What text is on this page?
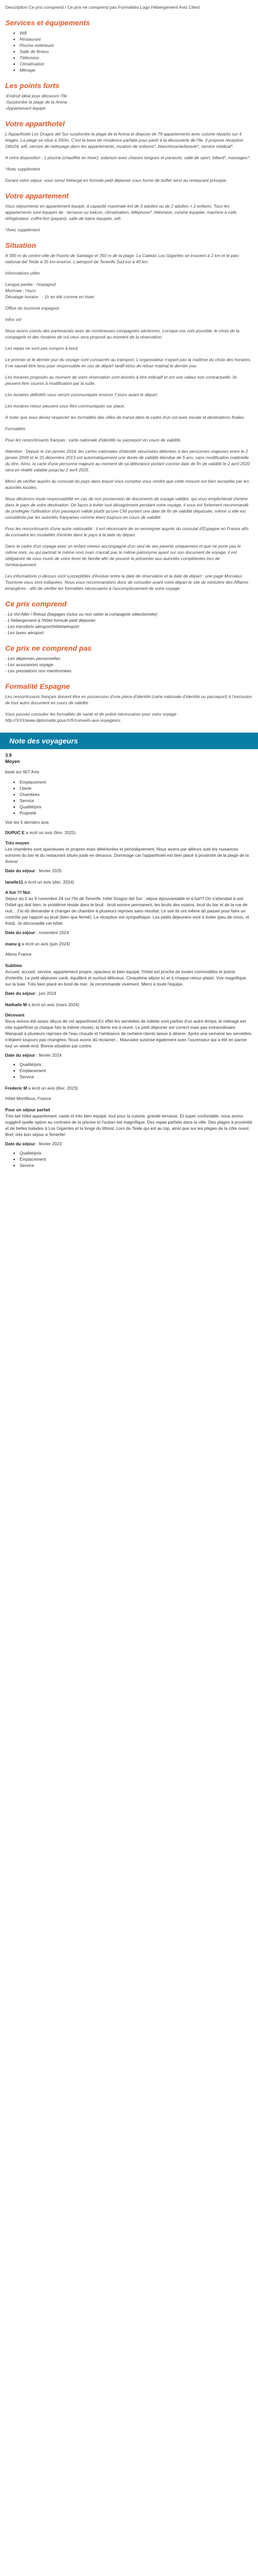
Description Ce prix comprend / Ce prix ne comprend pas Formalités Logo Hébergement Avis Client

Services et équipements
• Wifi
• Restaurant
• Piscine extérieure
• Salle de fitness
• Télévision
• Climatisation
• Ménage
Les points forts
-Endroit idéal pour découvrir l'île
-Surplombe la plage de la Arena
-Appartement équipé
Votre apparthotel

L'Apparthotel Los Dragos del Sur surplombe la plage de la Arena et dispose de 79 appartements avec cuisine répartis sur 4 étages. La plage se situe à 350m. C'est la base de résidence parfaite pour partir à la découverte de l'île. Il propose réception 24h/24, wifi, service de nettoyage dans les appartements, location de voitures*, blanchisserie/laverie*, service médical*.

A votre disposition : 1 piscine (chauffée en hiver), solarium avec chaises longues et parasols, salle de sport, billard*, massages*.

*Avec supplément

Durant votre séjour, vous serez hébergé en formule petit déjeuner sous forme de buffet servi au restaurant principal.

Votre appartement

Vous séjournerez en appartement équipé, à capacité maximale est de 3 adultes ou de 2 adultes + 2 enfants. Tous les appartements sont équipés de : terrasse ou balcon, climatisation, téléphone*, télévision, cuisine équipée, machine à café, réfrigérateur, coffre-fort (payant), salle de bains équipée, wifi.

*Avec supplément

Situation

A 300 m du centre-ville de Puerto de Santiago et 350 m de la plage. La Caletas Los Gigantes se trouvent à 2 km et le parc national del Teide à 35 km environ. L'aéroport de Tenerife Sud est à 40 km.

Informations utiles

Langue parlée : l'espagnol
Monnaie : l'euro
Décalage horaire : - 1h en été comme en hiver

Office du tourisme espagnol

Infos vol

Nous avons conclu des partenariats avec de nombreuses compagnies aériennes. Lorsque vos vols possible, le choix de la compagnie et des horaires de vol ceux sera proposé au moment de la réservation.

Les repas ne sont pas compris à bord

Le premier et le dernier jour du voyage sont consacrés au transport. L'organisateur n'ayant pas la maîtrise du choix des horaires, il ne saurait être tenu pour responsable en cas de départ tardif et/ou de retour matinal le dernier jour.

Les horaires proposés au moment de votre réservation sont donnés à titre indicatif et ont une valeur non contractuelle. Ils peuvent être soumis à modification par la suite.

Les horaires définitifs vous seront communiqués environ 7 jours avant le départ.

Les horaires retour peuvent vous être communiqués sur place.

A noter que vous devez respecter les formalités des villes de transit dans le cadre d'un vol avec escale et destinations finales

Formalités

Pour les ressortissants français : carte nationale d'identité ou passeport en cours de validité.

Attention : Depuis le 1er janvier 2014, les cartes nationales d'identité sécurisées délivrées à des personnes majeures entre le 2 janvier 2004 et le 31 décembre 2013 ont automatiquement une durée de validité étendue de 5 ans, sans modification matérielle du titre. Ainsi, la carte d'une personne majeure au moment de sa délivrance portant comme date de fin de validité le 2 avril 2020 sera en réalité valable jusqu'au 2 avril 2025.

Merci de vérifier auprès du consulat du pays dans lequel vous comptez vous rendre que cette mesure est bien acceptée par les autorités locales.

Nous déclinons toute responsabilité en cas de non possession de documents de voyage valides, qui vous empêcherait d'entrer dans le pays de votre destination. De façon à éviter tout désagrément pendant votre voyage, il vous est fortement recommandé de privilégier l'utilisation d'un passeport valide plutôt qu'une CNI portant une date de fin de validité dépassée, même si elle est considérée par les autorités françaises comme étant toujours en cours de validité.

Pour les ressortissants d'une autre nationalité : il est nécessaire de se renseigner auprès du consulat d'Espagne en France afin de connaitre les modalités d'entrée dans le pays à la date du départ.

Dans le cadre d'un voyage avec un enfant mineur accompagné d'un seul de ses parents uniquement et que ne porte pas le même nom, ou qui partirait le même nom mais n'aurait pas le même patronyme ayant sur son document de voyage, il est obligatoire de vous munir de votre livret de famille afin de pouvoir le présenter aux autorités compétentes lors de l'embarquement.

Les informations ci-dessus sont susceptibles d'évoluer entre la date de réservation et la date de départ : une page Monsieur Tourisme vous sont indiquées. Nous vous recommandons donc de consulter avant votre départ le site du ministère des Affaires étrangères - afin de vérifier les formalités nécessaires à l'accomplissement de votre voyage

Ce prix comprend
- Le Vol Aller / Retour (bagages inclus ou non selon la compagnie sélectionnée)
- L'hébergement à l'hôtel formule petit déjeuner
- Les transferts aéroport/hôtel/aéroport
- Les taxes aéroport
Ce prix ne comprend pas
- Les dépenses personnelles
- Les assurances voyage
- Les prestations non mentionnées
Formalité Espagne

Les ressortissants français doivent être en possession d'une pièce d'identité (carte nationale d'identité ou passeport) à l'exclusion de tout autre document en cours de validité.

Vous pouvez consulter les formalités de santé et de police nécessaires pour votre voyage : http://XXX/www.diplomatie.gouv.fr/fr/conseils-aux-voyageurs

Note des voyageurs
3.9
Moyen
basé sur 607 Avis
• Emplacement
• Literie
• Chambres
• Service
• Qualité/prix
• Propreté
Voir les 5 derniers avis
DUPUC E a écrit un avis (févr. 2025)
Très moyen
Les chambres sont spacieuses et propres mais détériorées et périodiquement. Nous avons par ailleurs subi les nuisances sonores du bar et du restaurant situés juste en dessous. Dommage car l'apparthotel est bien placé à proximité de la plage de la Arena!
Date du séjour : février 2025
lanelle11 a écrit un avis (déc. 2024)
A fuir !!! Nul
Séjour du 2 au 9 novembre 24 sur l'île de Tenerife, hôtel Dragos del Sur : séjour épouvantable et à fuir!!! On s'attendait à voir l'hôtel qui doit bien, le problème réside dans le bruit - bruit sonore permanent, les bruits des voisins, bruit du bar et de la rue de nuit... J'ai dû demander à changer de chambre à plusieurs reprises sans résultat. Le soir ils ont même dû passer pour faire un contrôle par rapport au bruit (bien que fermé). La réception est sympathique. Les petits déjeuners sont à éviter (peu de choix, et froid). Je déconseille cet hôtel.
Date du séjour : novembre 2024
manu g a écrit un avis (juin 2024)
Allons France
Sublime
Accueil, accueil, service, appartement propre, spacieux et bien équipé, l'hôtel est proche de toutes commodités et points d'intérêts. Le petit-déjeuner varié, équilibré et surtout délicieux. Cinquième séjour ici et à chaque retour plaisir. Vue magnifique sur la baie. Très bien placé en bord de mer. Je recommande vivement. Merci à toute l'équipe.
Date du séjour : juin 2024
Nathalie M a écrit un avis (mars 2024)
Décevant
Nous avions été assez déçus de cet apparthotel.En effet les serviettes de toilette sont parfois d'un autre temps, le ménage est très superficiel (a chaque fois la même chose), la literie est à revoir. Le petit déjeuner est correct mais pas extraordinaire. Manquait à plusieurs reprises de l'eau chaude et l'ambiance de certains clients laisse à désirer. Après une semaine les serviettes n'étaient toujours pas changées. Nous avons dû réclamer... Mauvaise surprise également avec l'ascenseur qui a été en panne tout un week-end. Bonne situation par contre.
Date du séjour : février 2024
• Qualité/prix
• Emplacement
• Service
Frederic M a écrit un avis (févr. 2023)
Hôtel Montfleux, France
Pour un séjour parfait
Très bel hôtel appartement, vaste et très bien équipé, tout pour la cuisine, grande terrasse. Et super confortable, nous avons suggéré quelle option au contraire de la piscine et l'océan est magnifique. Des repas parfaits dans la ville. Des plages à proximité et de belles balades à Los Gigantes et la longe du littoral, Loro du Teide qui est au top, ainsi que sur les plages de la côte ouest. Bref, très bon séjour à Tenerife!
Date du séjour : février 2023
• Qualité/prix
• Emplacement
• Service
